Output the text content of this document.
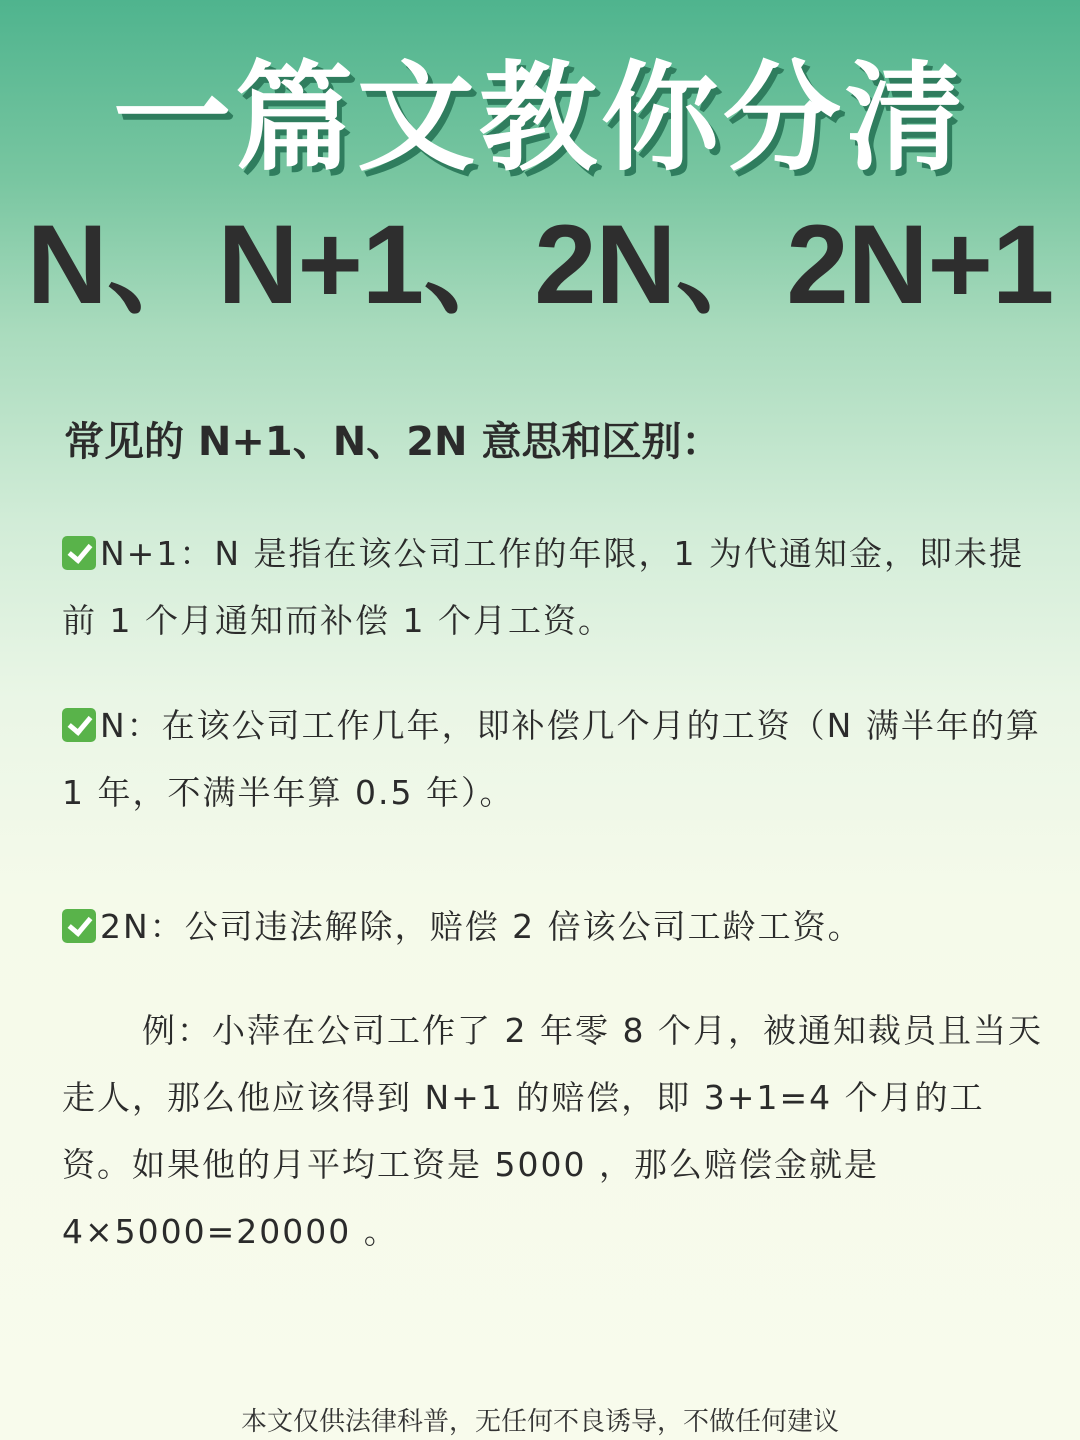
一篇文教你分清
N、N+1、2N、2N+1
常见的 N+1、N、2N 意思和区别：
N+1：N 是指在该公司工作的年限，1 为代通知金，即未提前 1 个月通知而补偿 1 个月工资。
N：在该公司工作几年，即补偿几个月的工资（N 满半年的算 1 年，不满半年算 0.5 年）。
2N：公司违法解除，赔偿 2 倍该公司工龄工资。
例：小萍在公司工作了 2 年零 8 个月，被通知裁员且当天走人，那么他应该得到 N+1 的赔偿，即 3+1=4 个月的工资。如果他的月平均工资是 5000 ，那么赔偿金就是 4×5000=20000 。
本文仅供法律科普，无任何不良诱导，不做任何建议
